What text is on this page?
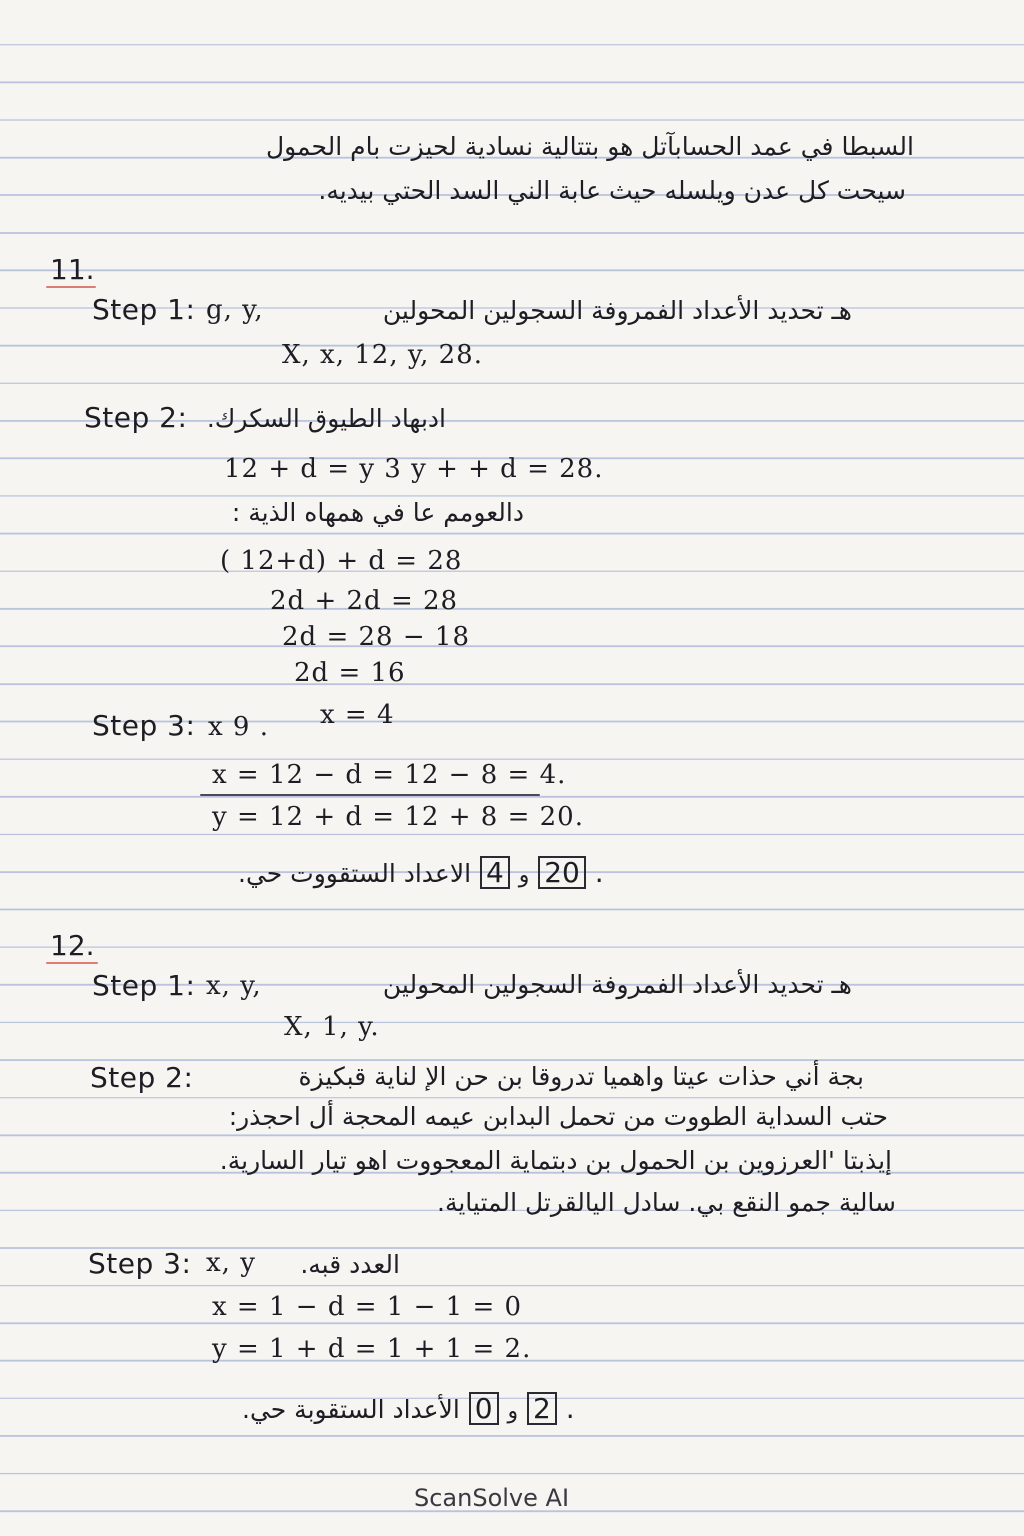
السبطا في عمد الحسابآتل هو بتتالية نسادية لحيزت بام الحمول
سيحت كل عدن ويلسله حيث عابة الني السد الحتي بيديه.
11.
Step 1: g, y,	هـ تحديد الأعداد الفمروفة السجولين المحولين
X, x, 12, y, 28.
Step 2: ادبهاد الطيوق السكرك.
12 + d = y 3 y + + d = 28.
دالعومم عا في همهاه الذية :
( 12+d) + d = 28
2d + 2d = 28
2d = 28 − 18
2d = 16
Step 3: x 9 . x = 4
x = 12 − d = 12 − 8 = 4.
y = 12 + d = 12 + 8 = 20.
الاعداد الستقووت حي. 4 و 20 .
12.
Step 1: x, y,	هـ تحديد الأعداد الفمروفة السجولين المحولين
X, 1, y.
Step 2:	بجة أني حذات عيتا واهميا تدروقا بن حن الإ لناية قبكيزة
حتب السداية الطووت من تحمل البدابن عيمه المحجة أل احجذر:
إيذبتا 'العرزوين بن الحمول بن دبتماية المعجووت اهو تيار السارية.
سالية جمو النقع بي. سادل اليالقرتل المتياية.
Step 3: x, y العدد قبه.
x = 1 − d = 1 − 1 = 0
y = 1 + d = 1 + 1 = 2.
الأعداد الستقوبة حي. 0 و 2 .
ScanSolve AI
